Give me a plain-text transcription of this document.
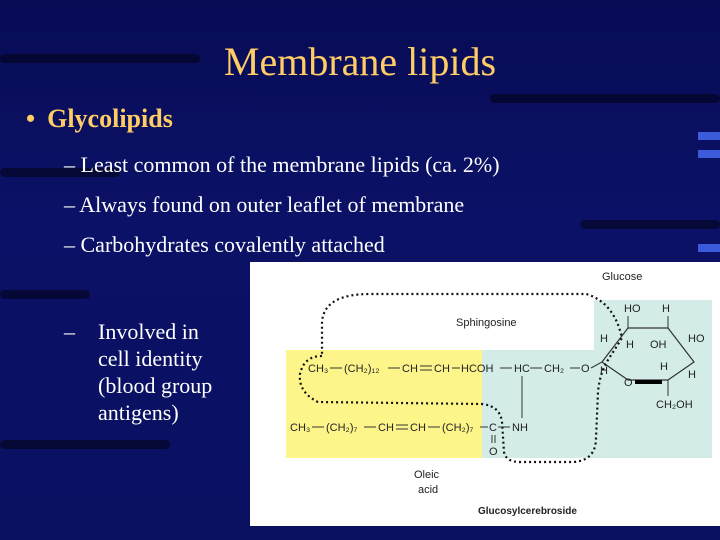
Membrane lipids
• Glycolipids
– Least common of the membrane lipids (ca. 2%)
– Always found on outer leaflet of membrane
– Carbohydrates covalently attached
– Involved in
cell identity
(blood group
antigens)
Glucose
Sphingosine
Oleic
acid
Glucosylcerebroside
CH₃ (CH₂)₁₂ CH CH HCOH HC CH₂ O
CH₃ (CH₂)₇ CH CH (CH₂)₇ C NH
O
HO H
H H OH HO
H
O
H
H
CH₂OH
